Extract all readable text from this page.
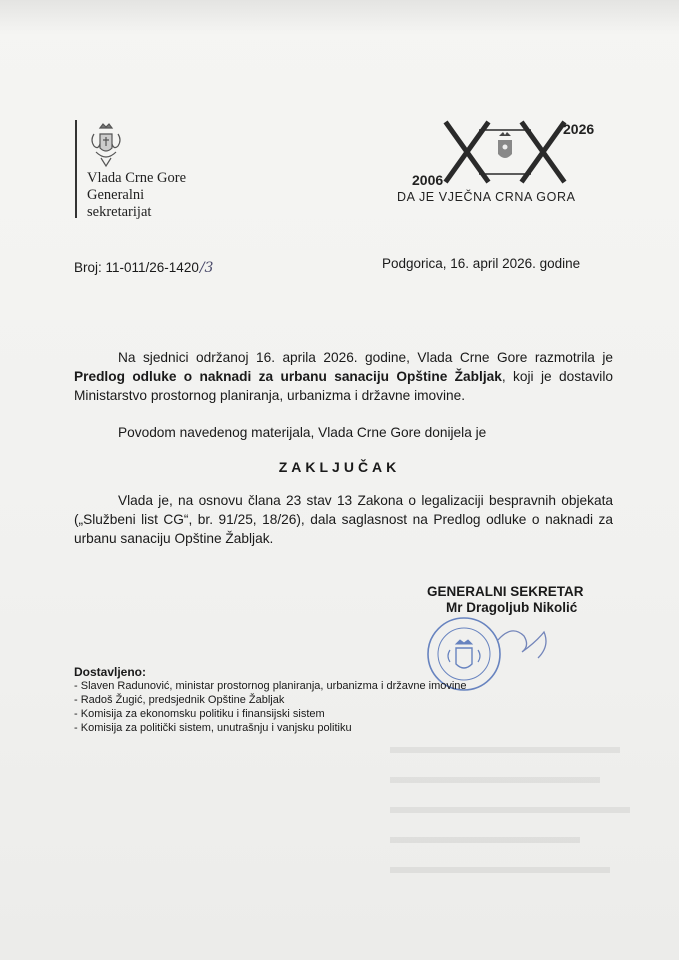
Vlada Crne Gore
Generalni
sekretarijat
2006
2026
DA JE VJEČNA CRNA GORA
Broj: 11-011/26-1420/3	Podgorica, 16. april 2026. godine
Na sjednici održanoj 16. aprila 2026. godine, Vlada Crne Gore razmotrila je Predlog odluke o naknadi za urbanu sanaciju Opštine Žabljak, koji je dostavilo Ministarstvo prostornog planiranja, urbanizma i državne imovine.
Povodom navedenog materijala, Vlada Crne Gore donijela je
ZAKLJUČAK
Vlada je, na osnovu člana 23 stav 13 Zakona o legalizaciji bespravnih objekata („Službeni list CG“, br. 91/25, 18/26), dala saglasnost na Predlog odluke o naknadi za urbanu sanaciju Opštine Žabljak.
GENERALNI SEKRETAR
Mr Dragoljub Nikolić
Dostavljeno:
- Slaven Radunović, ministar prostornog planiranja, urbanizma i državne imovine
- Radoš Žugić, predsjednik Opštine Žabljak
- Komisija za ekonomsku politiku i finansijski sistem
- Komisija za politički sistem, unutrašnju i vanjsku politiku
